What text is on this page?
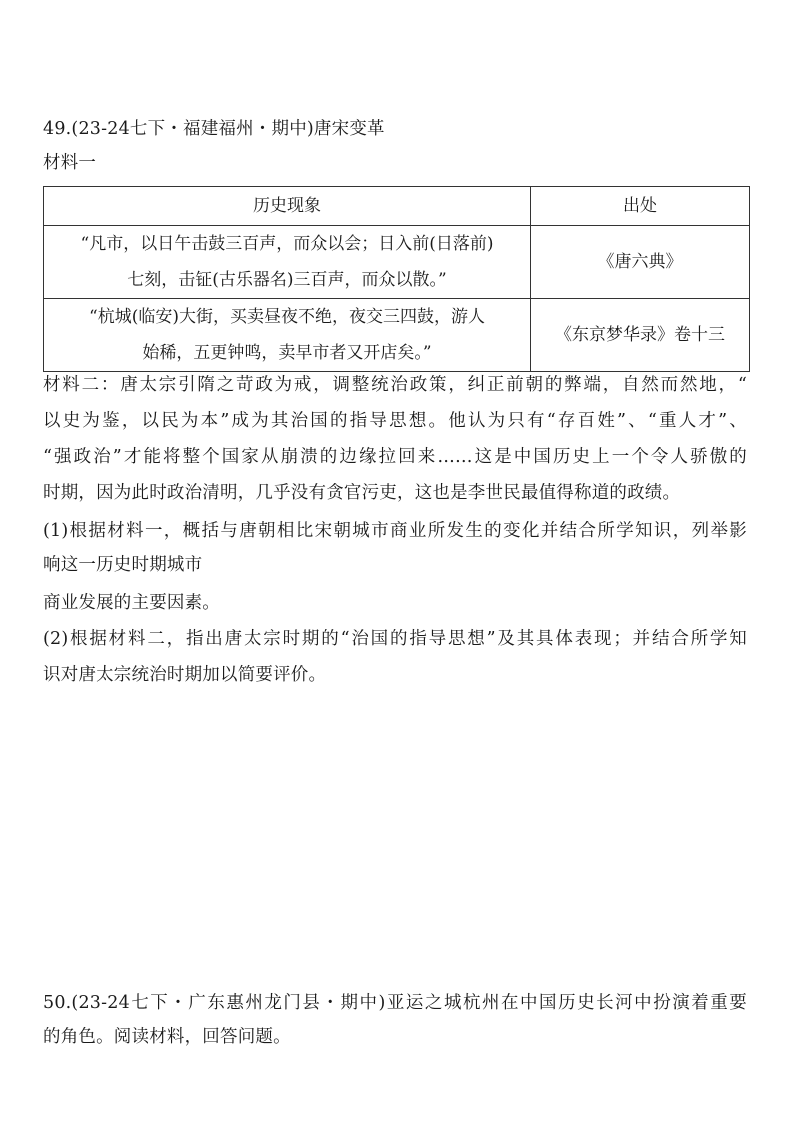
49.(23-24七下・福建福州・期中)唐宋变革
材料一
历史现象	出处

“凡市，以日午击鼓三百声，而众以会；日入前(日落前)
七刻，击钲(古乐器名)三百声，而众以散。”	《唐六典》

“杭城(临安)大街，买卖昼夜不绝，夜交三四鼓，游人
始稀，五更钟鸣，卖早市者又开店矣。”	《东京梦华录》卷十三
材料二：唐太宗引隋之苛政为戒，调整统治政策，纠正前朝的弊端，自然而然地，“
以史为鉴，以民为本”成为其治国的指导思想。他认为只有“存百姓”、“重人才”、
“强政治”才能将整个国家从崩溃的边缘拉回来……这是中国历史上一个令人骄傲的
时期，因为此时政治清明，几乎没有贪官污吏，这也是李世民最值得称道的政绩。
(1)根据材料一，概括与唐朝相比宋朝城市商业所发生的变化并结合所学知识，列举影
响这一历史时期城市
商业发展的主要因素。
(2)根据材料二，指出唐太宗时期的“治国的指导思想”及其具体表现；并结合所学知
识对唐太宗统治时期加以简要评价。
50.(23-24七下・广东惠州龙门县・期中)亚运之城杭州在中国历史长河中扮演着重要
的角色。阅读材料，回答问题。
